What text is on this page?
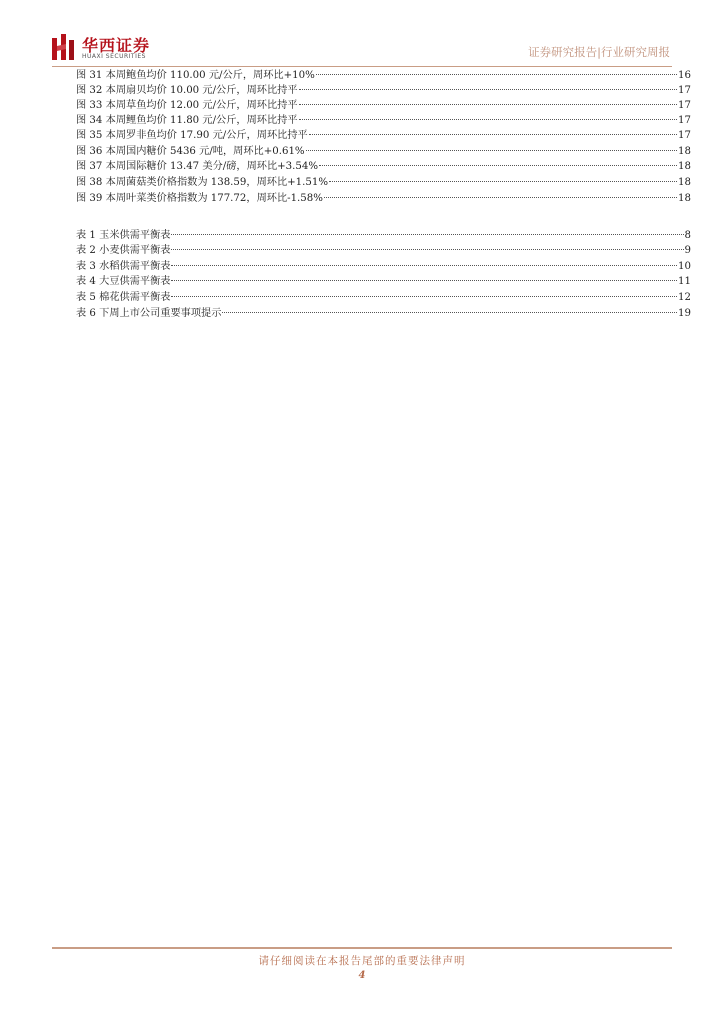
华西证券
HUAXI SECURITIES	证券研究报告|行业研究周报
图 31 本周鲍鱼均价 110.00 元/公斤，周环比+10%	16
图 32 本周扇贝均价 10.00 元/公斤，周环比持平	17
图 33 本周草鱼均价 12.00 元/公斤，周环比持平	17
图 34 本周鲤鱼均价 11.80 元/公斤，周环比持平	17
图 35 本周罗非鱼均价 17.90 元/公斤，周环比持平	17
图 36 本周国内糖价 5436 元/吨，周环比+0.61%	18
图 37 本周国际糖价 13.47 美分/磅，周环比+3.54%	18
图 38 本周菌菇类价格指数为 138.59，周环比+1.51%	18
图 39 本周叶菜类价格指数为 177.72，周环比-1.58%	18
表 1 玉米供需平衡表	8
表 2 小麦供需平衡表	9
表 3 水稻供需平衡表	10
表 4 大豆供需平衡表	11
表 5 棉花供需平衡表	12
表 6 下周上市公司重要事项提示	19
请仔细阅读在本报告尾部的重要法律声明
4
